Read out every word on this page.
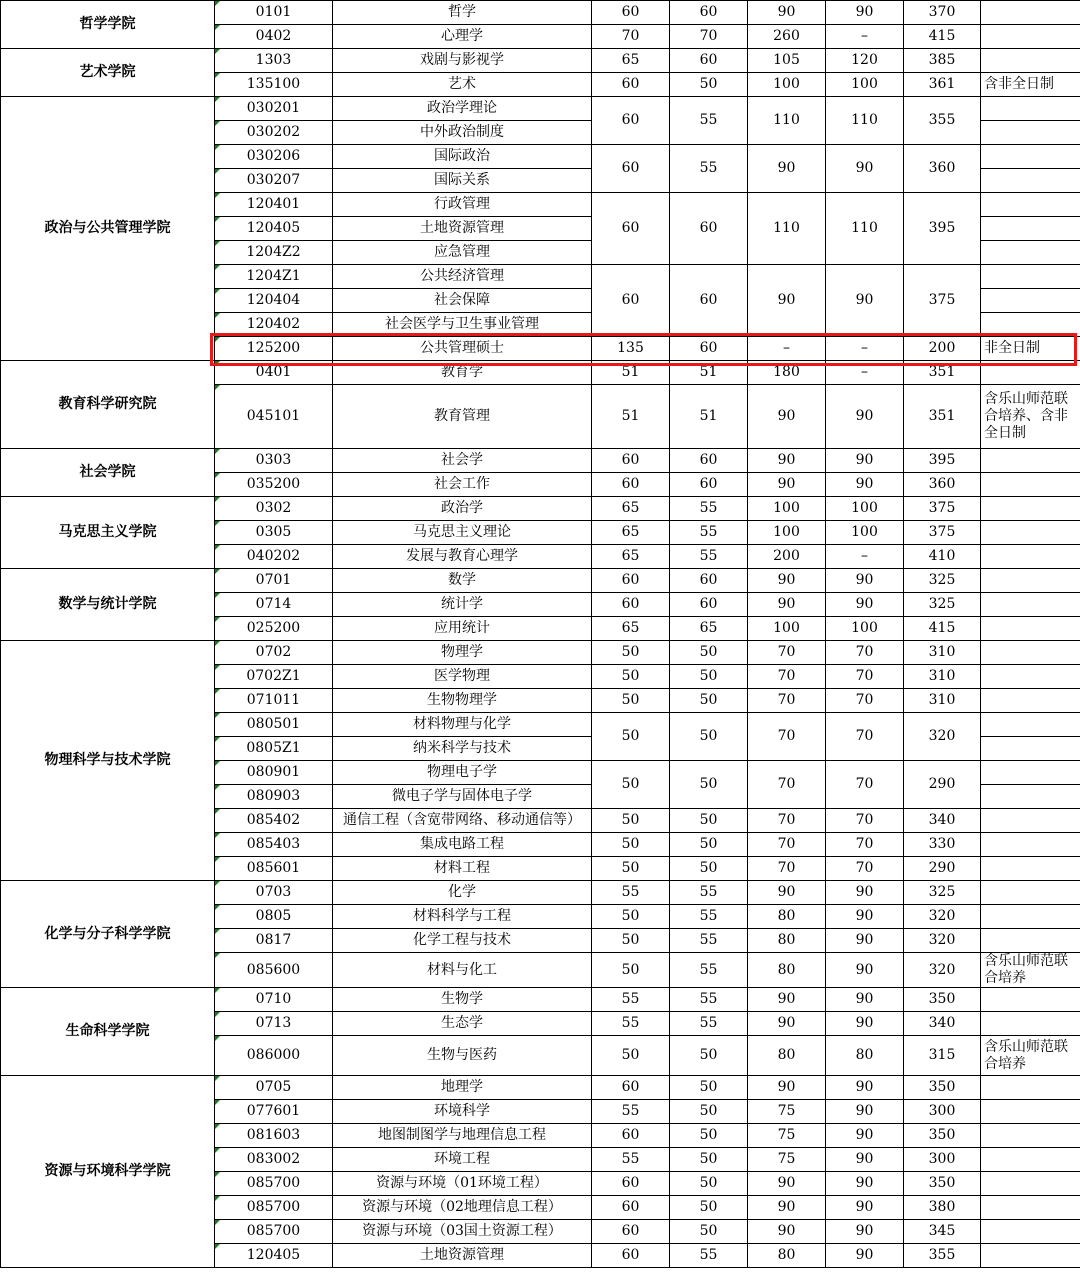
哲学学院	0101	哲学	60	60	90	90	370	
	0402	心理学	70	70	260	–	415	
艺术学院	1303	戏剧与影视学	65	60	105	120	385	
	135100	艺术	60	50	100	100	361	含非全日制
政治与公共管理学院	030201	政治学理论	60	55	110	110	355	
	030202	中外政治制度						
	030206	国际政治	60	55	90	90	360	
	030207	国际关系						
	120401	行政管理	60	60	110	110	395	
	120405	土地资源管理						
	1204Z2	应急管理						
	1204Z1	公共经济管理	60	60	90	90	375	
	120404	社会保障						
	120402	社会医学与卫生事业管理						
	125200	公共管理硕士	135	60	–	–	200	非全日制
教育科学研究院	0401	教育学	51	51	180	–	351	
	045101	教育管理	51	51	90	90	351	含乐山师范联合培养、含非全日制
社会学院	0303	社会学	60	60	90	90	395	
	035200	社会工作	60	60	90	90	360	
马克思主义学院	0302	政治学	65	55	100	100	375	
	0305	马克思主义理论	65	55	100	100	375	
	040202	发展与教育心理学	65	55	200	–	410	
数学与统计学院	0701	数学	60	60	90	90	325	
	0714	统计学	60	60	90	90	325	
	025200	应用统计	65	65	100	100	415	
物理科学与技术学院	0702	物理学	50	50	70	70	310	
	0702Z1	医学物理	50	50	70	70	310	
	071011	生物物理学	50	50	70	70	310	
	080501	材料物理与化学	50	50	70	70	320	
	0805Z1	纳米科学与技术						
	080901	物理电子学	50	50	70	70	290	
	080903	微电子学与固体电子学						
	085402	通信工程（含宽带网络、移动通信等）	50	50	70	70	340	
	085403	集成电路工程	50	50	70	70	330	
	085601	材料工程	50	50	70	70	290	
化学与分子科学学院	0703	化学	55	55	90	90	325	
	0805	材料科学与工程	50	55	80	90	320	
	0817	化学工程与技术	50	55	80	90	320	
	085600	材料与化工	50	55	80	90	320	含乐山师范联合培养
生命科学学院	0710	生物学	55	55	90	90	350	
	0713	生态学	55	55	90	90	340	
	086000	生物与医药	50	50	80	80	315	含乐山师范联合培养
资源与环境科学学院	0705	地理学	60	50	90	90	350	
	077601	环境科学	55	50	75	90	300	
	081603	地图制图学与地理信息工程	60	50	75	90	350	
	083002	环境工程	55	50	75	90	300	
	085700	资源与环境（01环境工程）	60	50	90	90	350	
	085700	资源与环境（02地理信息工程）	60	50	90	90	380	
	085700	资源与环境（03国土资源工程）	60	50	90	90	345	
	120405	土地资源管理	60	55	80	90	355	
